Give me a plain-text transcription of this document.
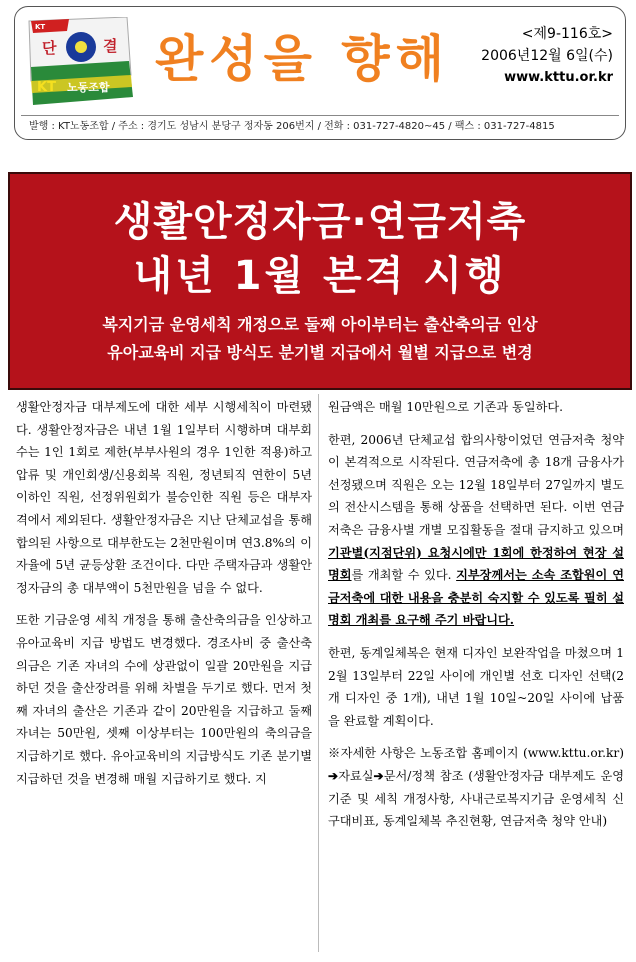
단	결
KT
KT 노동조합 완성을 향해	<제9-116호>
2006년12월 6일(수)
www.kttu.or.kr
발행 : KT노동조합 / 주소 : 경기도 성남시 분당구 정자동 206번지 / 전화 : 031-727-4820~45 / 팩스 : 031-727-4815
생활안정자금·연금저축
내년 1월 본격 시행
복지기금 운영세칙 개정으로 둘째 아이부터는 출산축의금 인상
유아교육비 지급 방식도 분기별 지급에서 월별 지급으로 변경

생활안정자금 대부제도에 대한 세부 시행세칙이 마련됐다. 생활안정자금은 내년 1월 1일부터 시행하며 대부회수는 1인 1회로 제한(부부사원의 경우 1인한 적용)하고 압류 및 개인회생/신용회복 직원, 정년퇴직 연한이 5년 이하인 직원, 선정위원회가 불승인한 직원 등은 대부자격에서 제외된다. 생활안정자금은 지난 단체교섭을 통해 합의된 사항으로 대부한도는 2천만원이며 연3.8%의 이자율에 5년 균등상환 조건이다. 다만 주택자금과 생활안정자금의 총 대부액이 5천만원을 넘을 수 없다.

또한 기금운영 세칙 개정을 통해 출산축의금을 인상하고 유아교육비 지급 방법도 변경했다. 경조사비 중 출산축의금은 기존 자녀의 수에 상관없이 일괄 20만원을 지급하던 것을 출산장려를 위해 차별을 두기로 했다. 먼저 첫째 자녀의 출산은 기존과 같이 20만원을 지급하고 둘째 자녀는 50만원, 셋째 이상부터는 100만원의 축의금을 지급하기로 했다. 유아교육비의 지급방식도 기존 분기별 지급하던 것을 변경해 매월 지급하기로 했다. 지

원금액은 매월 10만원으로 기존과 동일하다.

한편, 2006년 단체교섭 합의사항이었던 연금저축 청약이 본격적으로 시작된다. 연금저축에 총 18개 금융사가 선정됐으며 직원은 오는 12월 18일부터 27일까지 별도의 전산시스템을 통해 상품을 선택하면 된다. 이번 연금 저축은 금융사별 개별 모집활동을 절대 금지하고 있으며 기관별(지점단위) 요청시에만 1회에 한정하여 현장 설명회를 개최할 수 있다. 지부장께서는 소속 조합원이 연금저축에 대한 내용을 충분히 숙지할 수 있도록 필히 설명회 개최를 요구해 주기 바랍니다.

한편, 동계일체복은 현재 디자인 보완작업을 마쳤으며 12월 13일부터 22일 사이에 개인별 선호 디자인 선택(2개 디자인 중 1개), 내년 1월 10일~20일 사이에 납품을 완료할 계획이다.

※자세한 사항은 노동조합 홈페이지 (www.kttu.or.kr)➔자료실➔문서/정책 참조 (생활안정자금 대부제도 운영기준 및 세칙 개정사항, 사내근로복지기금 운영세칙 신구대비표, 동계일체복 추진현황, 연금저축 청약 안내)
